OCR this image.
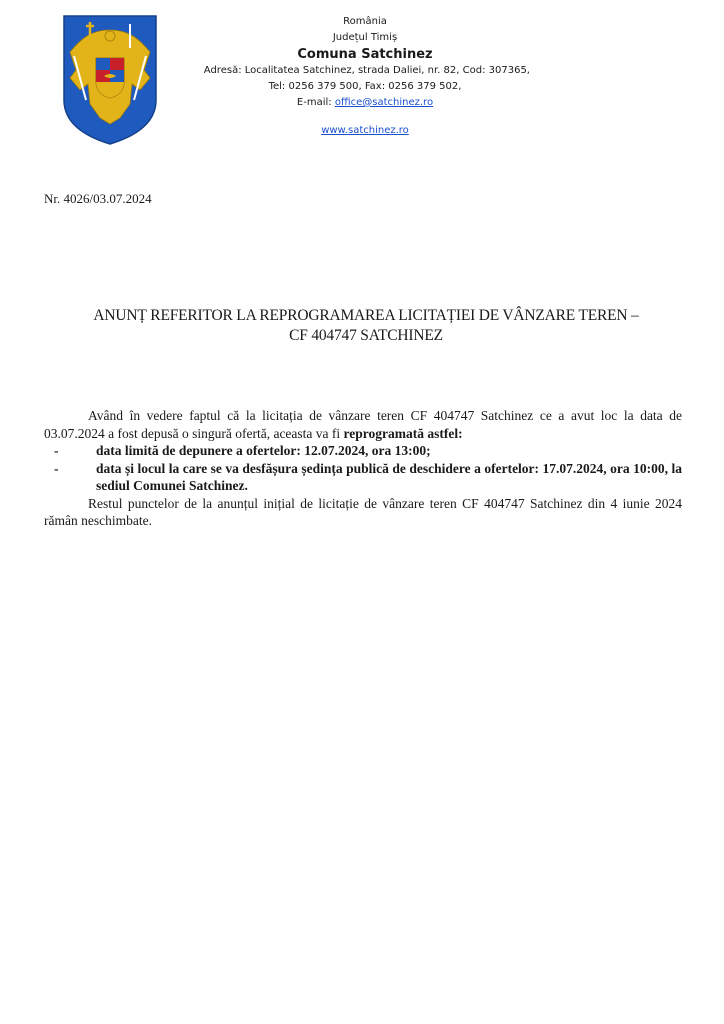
România
Județul Timiș
Comuna Satchinez
Adresă: Localitatea Satchinez, strada Daliei, nr. 82, Cod: 307365,
Tel: 0256 379 500, Fax: 0256 379 502,
E-mail: office@satchinez.ro
www.satchinez.ro
Nr. 4026/03.07.2024
ANUNȚ REFERITOR LA REPROGRAMAREA LICITAȚIEI DE VÂNZARE TEREN –
CF 404747 SATCHINEZ

Având în vedere faptul că la licitația de vânzare teren CF 404747 Satchinez ce a avut loc la data de 03.07.2024 a fost depusă o singură ofertă, aceasta va fi reprogramată astfel:

-	data limită de depunere a ofertelor: 12.07.2024, ora 13:00;
-	data și locul la care se va desfășura ședința publică de deschidere a ofertelor: 17.07.2024, ora 10:00, la sediul Comunei Satchinez.

Restul punctelor de la anunțul inițial de licitație de vânzare teren CF 404747 Satchinez din 4 iunie 2024 rămân neschimbate.
